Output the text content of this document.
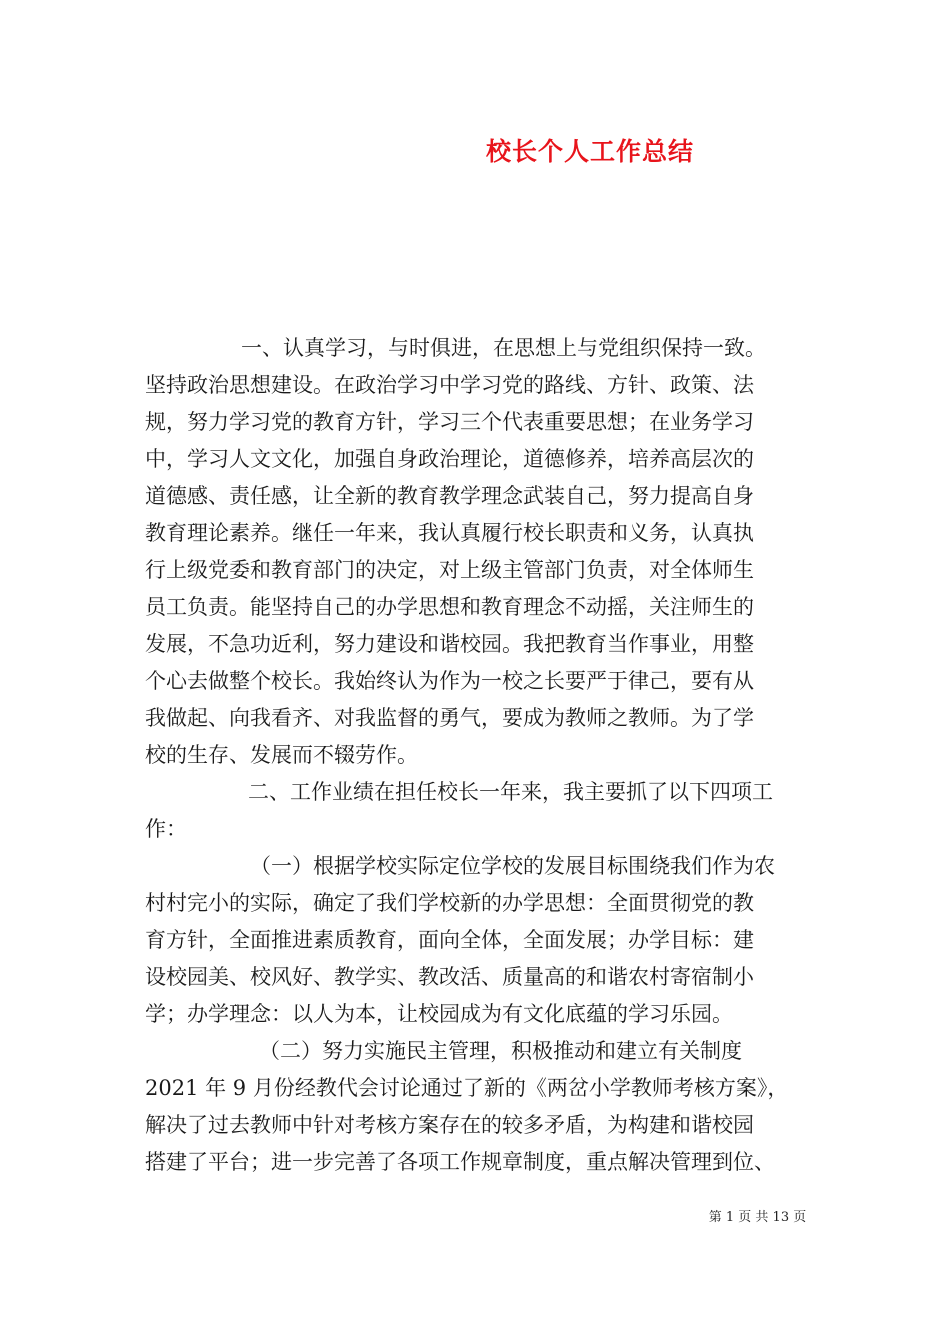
校长个人工作总结
一、认真学习，与时俱进，在思想上与党组织保持一致。
坚持政治思想建设。在政治学习中学习党的路线、方针、政策、法
规，努力学习党的教育方针，学习三个代表重要思想；在业务学习
中，学习人文文化，加强自身政治理论，道德修养，培养高层次的
道德感、责任感，让全新的教育教学理念武装自己，努力提高自身
教育理论素养。继任一年来，我认真履行校长职责和义务，认真执
行上级党委和教育部门的决定，对上级主管部门负责，对全体师生
员工负责。能坚持自己的办学思想和教育理念不动摇，关注师生的
发展，不急功近利，努力建设和谐校园。我把教育当作事业，用整
个心去做整个校长。我始终认为作为一校之长要严于律己，要有从
我做起、向我看齐、对我监督的勇气，要成为教师之教师。为了学
校的生存、发展而不辍劳作。
二、工作业绩在担任校长一年来，我主要抓了以下四项工
作：
（一）根据学校实际定位学校的发展目标围绕我们作为农
村村完小的实际，确定了我们学校新的办学思想：全面贯彻党的教
育方针，全面推进素质教育，面向全体，全面发展；办学目标：建
设校园美、校风好、教学实、教改活、质量高的和谐农村寄宿制小
学；办学理念：以人为本，让校园成为有文化底蕴的学习乐园。
（二）努力实施民主管理，积极推动和建立有关制度
2021 年 9 月份经教代会讨论通过了新的《两岔小学教师考核方案》，
解决了过去教师中针对考核方案存在的较多矛盾，为构建和谐校园
搭建了平台；进一步完善了各项工作规章制度，重点解决管理到位、
第 1 页 共 13 页
